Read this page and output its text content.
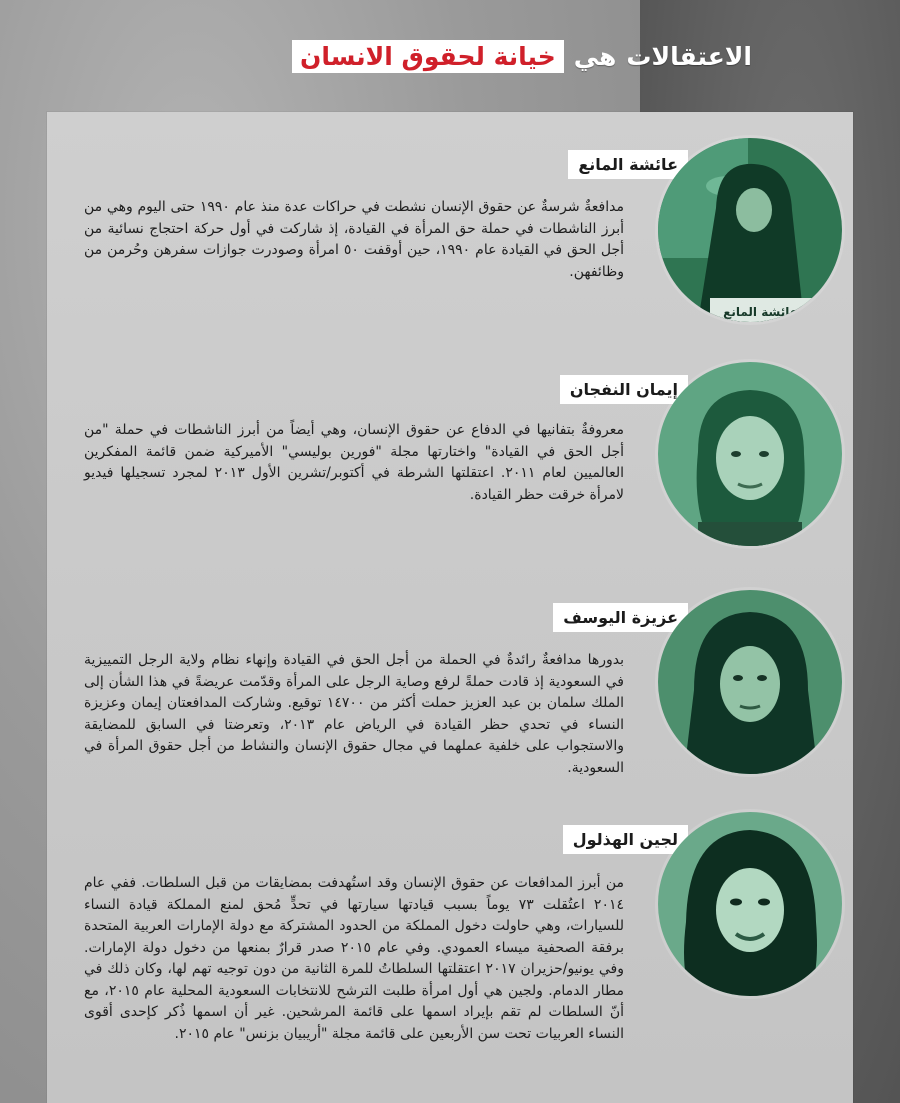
الاعتقالات
هي
خيانة لحقوق الانسان
عائشة المانع
مدافعةٌ شرسةٌ عن حقوق الإنسان نشطت في حراكات عدة منذ عام ١٩٩٠ حتى اليوم وهي من أبرز الناشطات في حملة حق المرأة في القيادة، إذ شاركت في أول حركة احتجاج نسائية من أجل الحق في القيادة عام ١٩٩٠، حين أوقفت ٥٠ امرأة وصودرت جوازات سفرهن وحُرمن من وظائفهن.
د. عائشة المانع
إيمان النفجان
معروفةٌ بتفانيها في الدفاع عن حقوق الإنسان، وهي أيضاً من أبرز الناشطات في حملة "من أجل الحق في القيادة" واختارتها مجلة "فورين بوليسي" الأميركية ضمن قائمة المفكرين العالميين لعام ٢٠١١. اعتقلتها الشرطة في أكتوبر/تشرين الأول ٢٠١٣ لمجرد تسجيلها فيديو لامرأة خرقت حظر القيادة.
عزيزة اليوسف
بدورها مدافعةٌ رائدةٌ في الحملة من أجل الحق في القيادة وإنهاء نظام ولاية الرجل التمييزية في السعودية إذ قادت حملةً لرفع وصاية الرجل على المرأة وقدّمت عريضةً في هذا الشأن إلى الملك سلمان بن عبد العزيز حملت أكثر من ١٤٧٠٠ توقيع. وشاركت المدافعتان إيمان وعزيزة النساء في تحدي حظر القيادة في الرياض عام ٢٠١٣، وتعرضتا في السابق للمضايقة والاستجواب على خلفية عملهما في مجال حقوق الإنسان والنشاط من أجل حقوق المرأة في السعودية.
لجين الهذلول
من أبرز المدافعات عن حقوق الإنسان وقد استُهدفت بمضايقات من قبل السلطات. ففي عام ٢٠١٤ اعتُقلت ٧٣ يوماً بسبب قيادتها سيارتها في تحدٍّ مُحق لمنع المملكة قيادة النساء للسيارات، وهي حاولت دخول المملكة من الحدود المشتركة مع دولة الإمارات العربية المتحدة برفقة الصحفية ميساء العمودي. وفي عام ٢٠١٥ صدر قرارٌ بمنعها من دخول دولة الإمارات. وفي يونيو/حزيران ٢٠١٧ اعتقلتها السلطاتُ للمرة الثانية من دون توجيه تهم لها، وكان ذلك في مطار الدمام. ولجين هي أول امرأة طلبت الترشح للانتخابات السعودية المحلية عام ٢٠١٥، مع أنّ السلطات لم تقم بإيراد اسمها على قائمة المرشحين. غير أن اسمها ذُكر كإحدى أقوى النساء العربيات تحت سن الأربعين على قائمة مجلة "أريبيان بزنس" عام ٢٠١٥.
